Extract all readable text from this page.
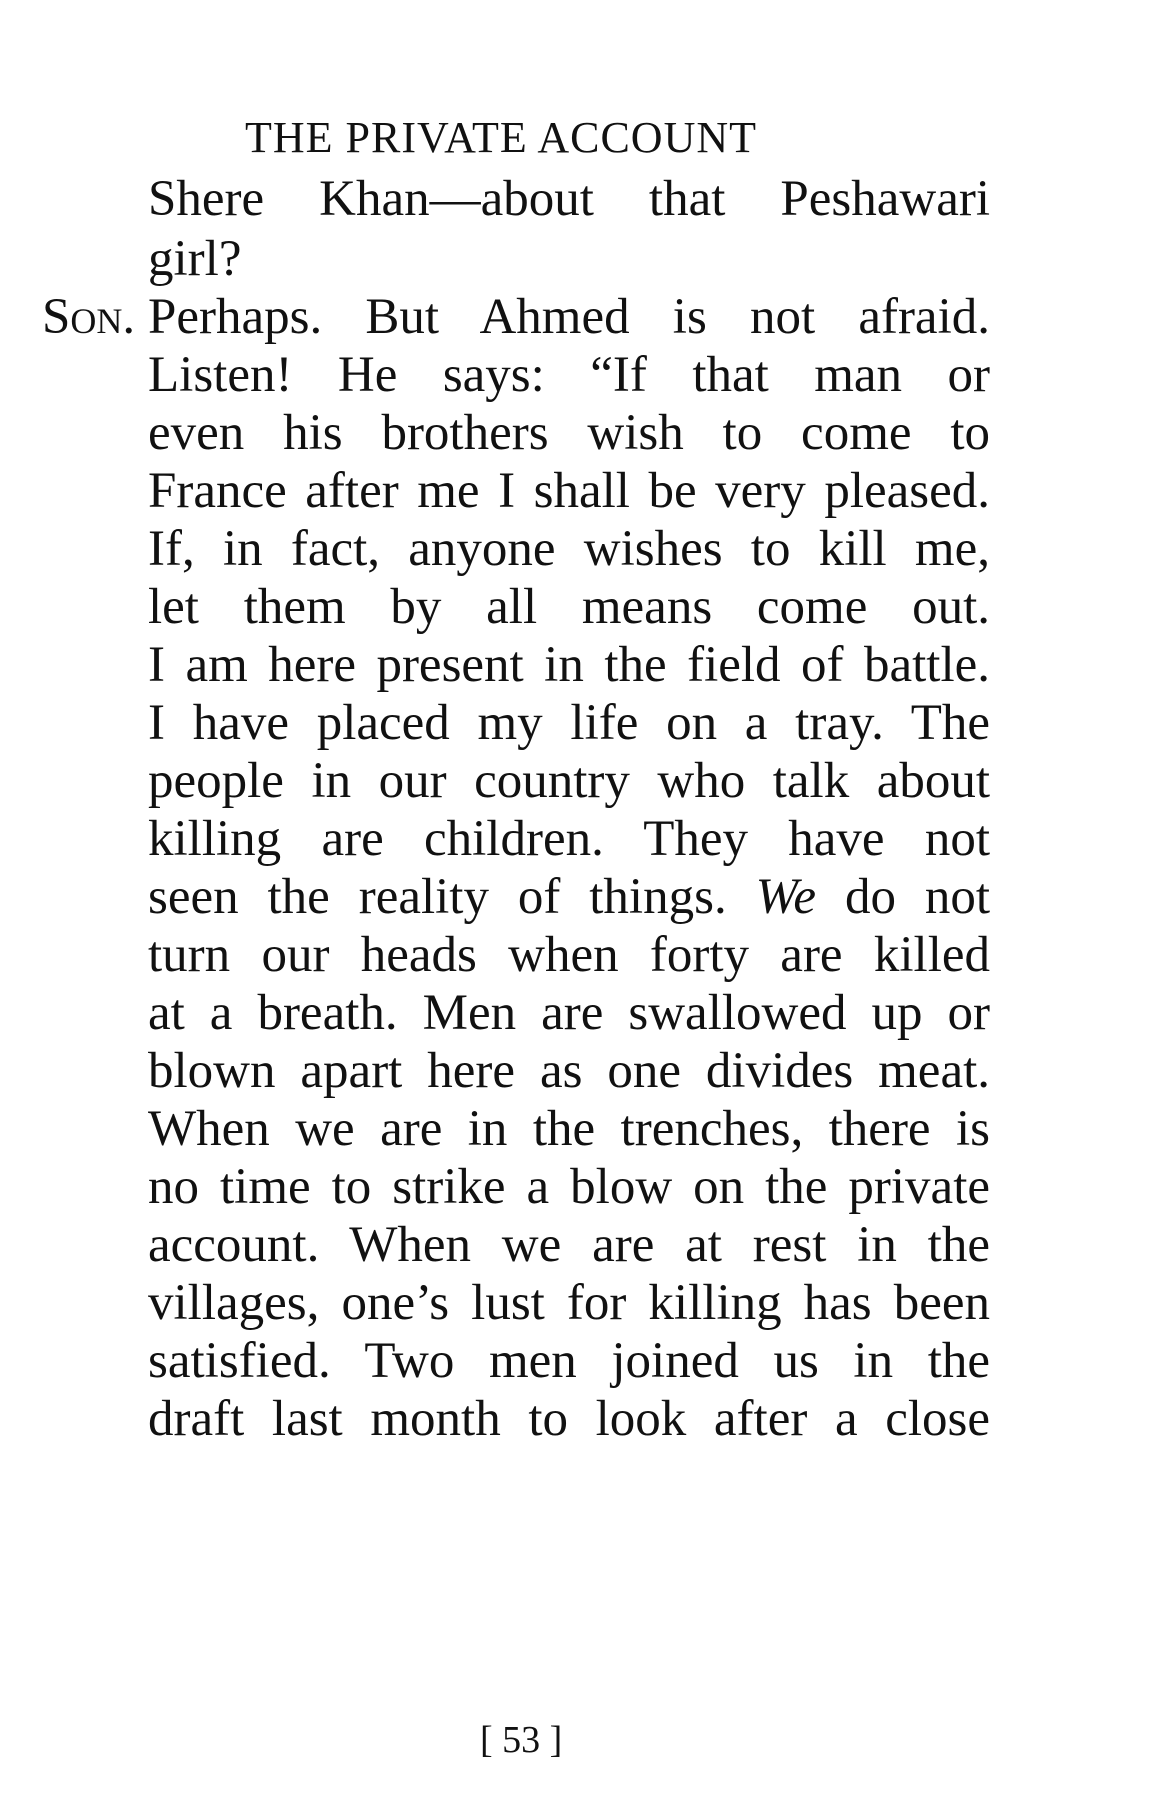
THE PRIVATE ACCOUNT
Shere Khan—about that Peshawari
girl?
Son. Perhaps. But Ahmed is not afraid.
Listen! He says: “If that man or
even his brothers wish to come to
France after me I shall be very pleased.
If, in fact, anyone wishes to kill me,
let them by all means come out.
I am here present in the field of battle.
I have placed my life on a tray. The
people in our country who talk about
killing are children. They have not
seen the reality of things. We do not
turn our heads when forty are killed
at a breath. Men are swallowed up or
blown apart here as one divides meat.
When we are in the trenches, there is
no time to strike a blow on the private
account. When we are at rest in the
villages, one’s lust for killing has been
satisfied. Two men joined us in the
draft last month to look after a close
[ 53 ]
